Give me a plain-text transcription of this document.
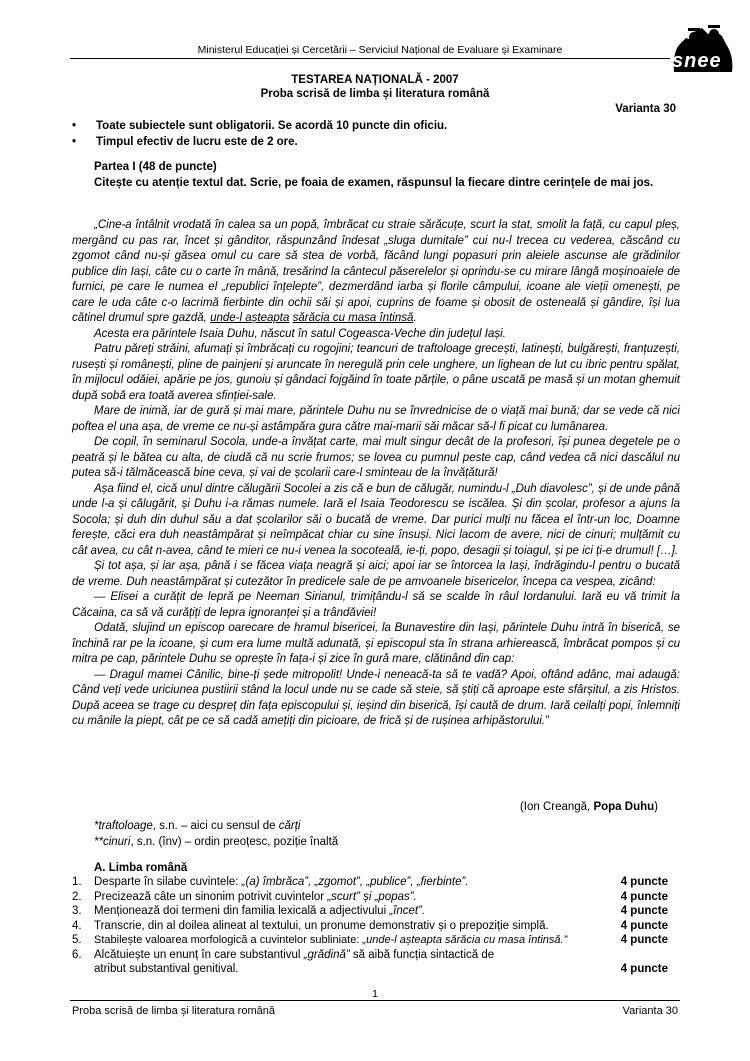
Ministerul Educației și Cercetării – Serviciul Național de Evaluare și Examinare	snee
TESTAREA NAȚIONALĂ - 2007
Proba scrisă de limba și literatura română
Varianta 30
•	Toate subiectele sunt obligatorii. Se acordă 10 puncte din oficiu.
•	Timpul efectiv de lucru este de 2 ore.
Partea I (48 de puncte)
Citește cu atenție textul dat. Scrie, pe foaia de examen, răspunsul la fiecare dintre cerințele de mai jos.

„Cine-a întâlnit vrodată în calea sa un popă, îmbrăcat cu straie sărăcuțe, scurt la stat, smolit la față, cu capul pleș, mergând cu pas rar, încet și gânditor, răspunzând îndesat „sluga dumitale” cui nu-l trecea cu vederea, căscând cu zgomot când nu-și găsea omul cu care să stea de vorbă, făcând lungi popasuri prin aleiele ascunse ale grădinilor publice din Iași, câte cu o carte în mână, tresărind la cântecul păserelelor și oprindu-se cu mirare lângă moșinoaiele de furnici, pe care le numea el „republici înțelepte”, dezmerdând iarba și florile câmpului, icoane ale vieții omenești, pe care le uda câte c-o lacrimă fierbinte din ochii săi și apoi, cuprins de foame și obosit de osteneală și gândire, își lua cătinel drumul spre gazdă, unde-l așteapta sărăcia cu masa întinsă.

Acesta era părintele Isaia Duhu, născut în satul Cogeasca-Veche din județul Iași.

Patru păreți străini, afumați și îmbrăcați cu rogojini; teancuri de traftoloage grecești, latinești, bulgărești, franțuzești, rusești și românești, pline de painjeni și aruncate în neregulă prin cele unghere, un lighean de lut cu ibric pentru spălat, în mijlocul odăiei, apărie pe jos, gunoiu și gândaci fojgăind în toate părțile, o pâne uscată pe masă și un motan ghemuit după sobă era toată averea sfinției-sale.

Mare de inimă, iar de gură și mai mare, părintele Duhu nu se învrednicise de o viață mai bună; dar se vede că nici poftea el una așa, de vreme ce nu-și astâmpăra gura către mai-marii săi măcar să-l fi picat cu lumânarea.

De copil, în seminarul Socola, unde-a învățat carte, mai mult singur decât de la profesori, își punea degetele pe o peatră și le bătea cu alta, de ciudă că nu scrie frumos; se lovea cu pumnul peste cap, când vedea că nici dascălul nu putea să-i tălmăcească bine ceva, și vai de școlarii care-l sminteau de la învățătură!

Așa fiind el, cică unul dintre călugării Socolei a zis că e bun de călugăr, numindu-l „Duh diavolesc”, și de unde până unde l-a și călugărit, și Duhu i-a rămas numele. Iară el Isaia Teodorescu se iscălea. Și din școlar, profesor a ajuns la Socola; și duh din duhul său a dat școlarilor săi o bucată de vreme. Dar purici mulți nu făcea el într-un loc, Doamne ferește, căci era duh neastâmpărat și neîmpăcat chiar cu sine însuși. Nici lacom de avere, nici de cinuri; mulțămit cu cât avea, cu cât n-avea, când te mieri ce nu-i venea la socoteală, ie-ți, popo, desagii și toiagul, și pe ici ți-e drumul! […].

Și tot așa, și iar așa, până i se făcea viața neagră și aici; apoi iar se întorcea la Iași, îndrăgindu-l pentru o bucată de vreme. Duh neastâmpărat și cutezător în predicele sale de pe amvoanele bisericelor, începa ca vespea, zicând:

— Elisei a curățit de lepră pe Neeman Sirianul, trimițându-l să se scalde în râul Iordanului. Iară eu vă trimit la Căcaina, ca să vă curățiți de lepra ignoranței și a trândăviei!

Odată, slujind un episcop oarecare de hramul bisericei, la Bunavestire din Iași, părintele Duhu intră în biserică, se închină rar pe la icoane, și cum era lume multă adunată, și episcopul sta în strana arhierească, îmbrăcat pompos și cu mitra pe cap, părintele Duhu se oprește în fața-i și zice în gură mare, clătinând din cap:

— Dragul mamei Cânilic, bine-ți șede mitropolit! Unde-i neneacă-ta să te vadă? Apoi, oftând adânc, mai adaugă: Când veți vede uriciunea pustiirii stând la locul unde nu se cade să steie, să știți că aproape este sfârșitul, a zis Hristos. După aceea se trage cu despreț din fața episcopului și, ieșind din biserică, își caută de drum. Iară ceilalți popi, înlemniți cu mânile la piept, cât pe ce să cadă amețiți din picioare, de frică și de rușinea arhipăstorului.”

(Ion Creangă, Popa Duhu)
*traftoloage, s.n. – aici cu sensul de cărți
**cinuri, s.n. (înv) – ordin preoțesc, poziție înaltă
A. Limba română
1.	Desparte în silabe cuvintele: „(a) îmbrăca”, „zgomot”, „publice”, „fierbinte”.	4 puncte
2.	Precizează câte un sinonim potrivit cuvintelor „scurt” și „popas”.	4 puncte
3.	Menționează doi termeni din familia lexicală a adjectivului „încet”.	4 puncte
4.	Transcrie, din al doilea alineat al textului, un pronume demonstrativ și o prepoziție simplă.	4 puncte
5.	Stabilește valoarea morfologică a cuvintelor subliniate: „unde-l așteapta sărăcia cu masa întinsă.”	4 puncte
6.	Alcătuiește un enunț în care substantivul „grădină” să aibă funcția sintactică de
atribut substantival genitival.	4 puncte
1
Proba scrisă de limba și literatura română	Varianta 30
